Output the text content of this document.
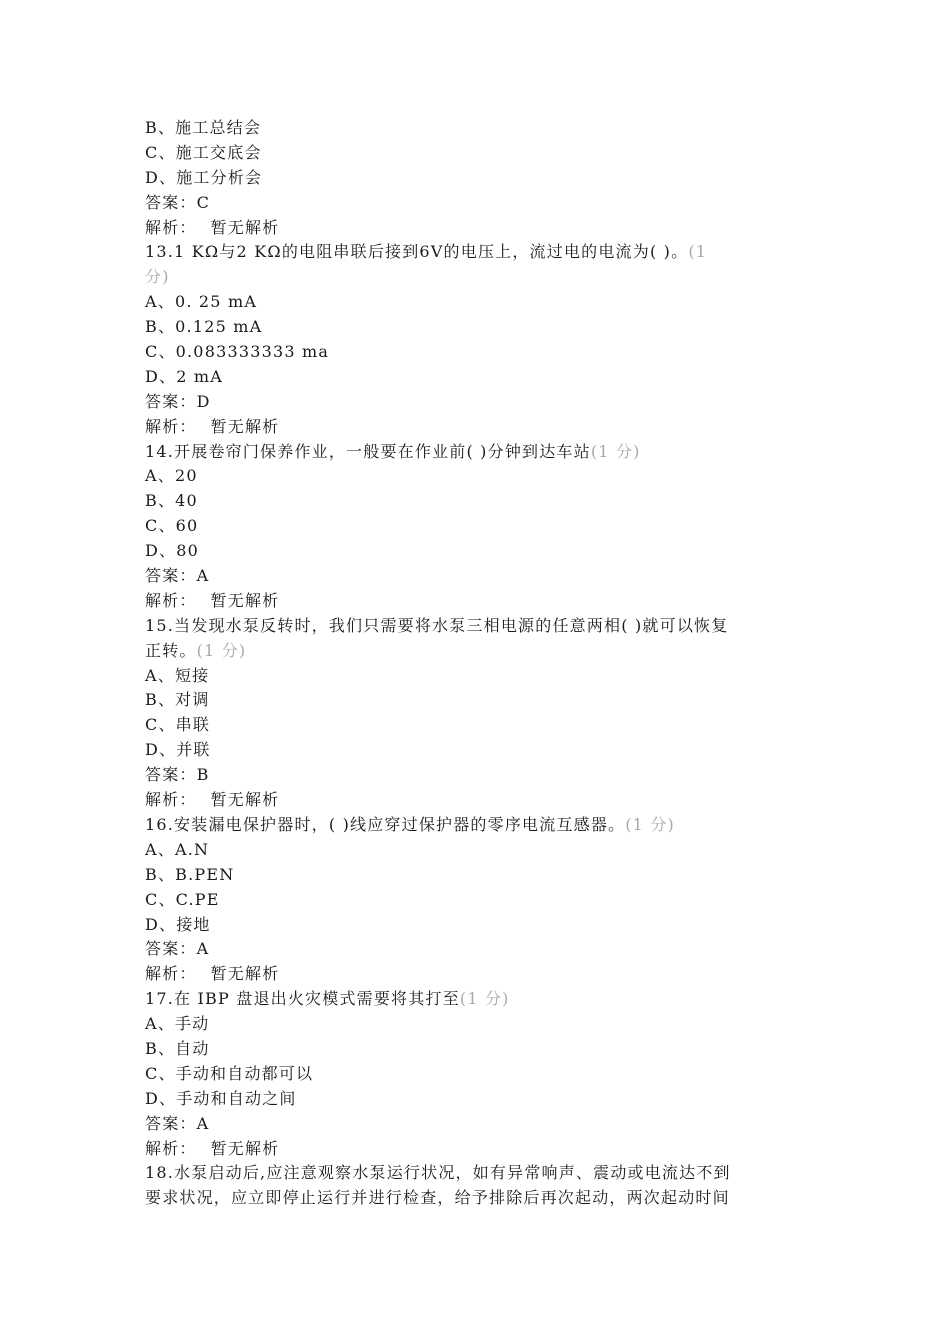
B、施工总结会
C、施工交底会
D、施工分析会
答案：C
解析： 暂无解析
13.1 KΩ与2 KΩ的电阻串联后接到6V的电压上，流过电的电流为( )。(1
分)
A、0. 25 mA
B、0.125 mA
C、0.083333333 ma
D、2 mA
答案：D
解析： 暂无解析
14.开展卷帘门保养作业，一般要在作业前( )分钟到达车站(1 分)
A、20
B、40
C、60
D、80
答案：A
解析： 暂无解析
15.当发现水泵反转时，我们只需要将水泵三相电源的任意两相( )就可以恢复
正转。(1 分)
A、短接
B、对调
C、串联
D、并联
答案：B
解析： 暂无解析
16.安装漏电保护器时，( )线应穿过保护器的零序电流互感器。(1 分)
A、A.N
B、B.PEN
C、C.PE
D、接地
答案：A
解析： 暂无解析
17.在 IBP 盘退出火灾模式需要将其打至(1 分)
A、手动
B、自动
C、手动和自动都可以
D、手动和自动之间
答案：A
解析： 暂无解析
18.水泵启动后,应注意观察水泵运行状况，如有异常响声、震动或电流达不到
要求状况，应立即停止运行并进行检查，给予排除后再次起动，两次起动时间
